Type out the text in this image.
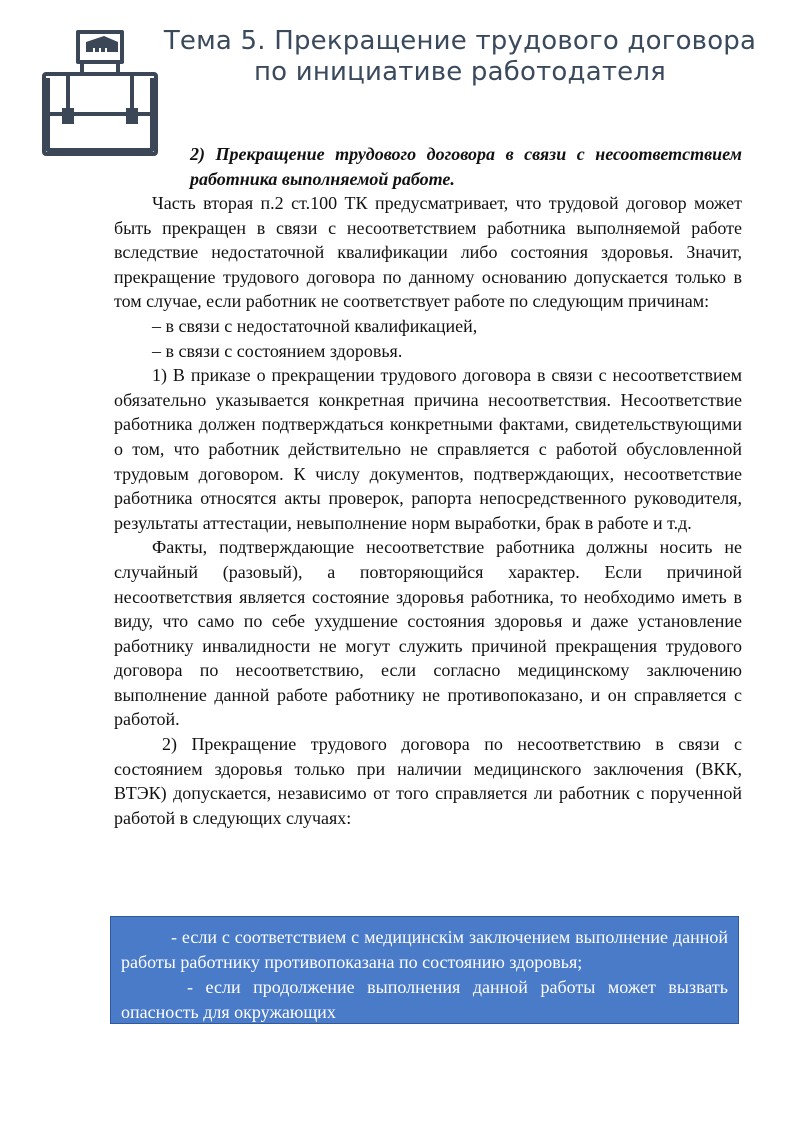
Тема 5. Прекращение трудового договора
по инициативе работодателя
2) Прекращение трудового договора в связи с несоответствием
работника выполняемой работе.

Часть вторая п.2 ст.100 ТК предусматривает, что трудовой договор может быть прекращен в связи с несоответствием работника выполняемой работе вследствие недостаточной квалификации либо состояния здоровья. Значит, прекращение трудового договора по данному основанию допускается только в том случае, если работник не соответствует работе по следующим причинам:

– в связи с недостаточной квалификацией,

– в связи с состоянием здоровья.

1) В приказе о прекращении трудового договора в связи с несоответствием обязательно указывается конкретная причина несоответствия. Несоответствие работника должен подтверждаться конкретными фактами, свидетельствующими о том, что работник действительно не справляется с работой обусловленной трудовым договором. К числу документов, подтверждающих, несоответствие работника относятся акты проверок, рапорта непосредственного руководителя, результаты аттестации, невыполнение норм выработки, брак в работе и т.д.

Факты, подтверждающие несоответствие работника должны носить не случайный (разовый), а повторяющийся характер. Если причиной несоответствия является состояние здоровья работника, то необходимо иметь в виду, что само по себе ухудшение состояния здоровья и даже установление работнику инвалидности не могут служить причиной прекращения трудового договора по несоответствию, если согласно медицинскому заключению выполнение данной работе работнику не противопоказано, и он справляется с работой.

2) Прекращение трудового договора по несоответствию в связи с состоянием здоровья только при наличии медицинского заключения (ВКК, ВТЭК) допускается, независимо от того справляется ли работник с порученной работой в следующих случаях:

- если с соответствием с медицинскім заключением выполнение данной работы работнику противопоказана по состоянию здоровья;

- если продолжение выполнения данной работы может вызвать опасность для окружающих
